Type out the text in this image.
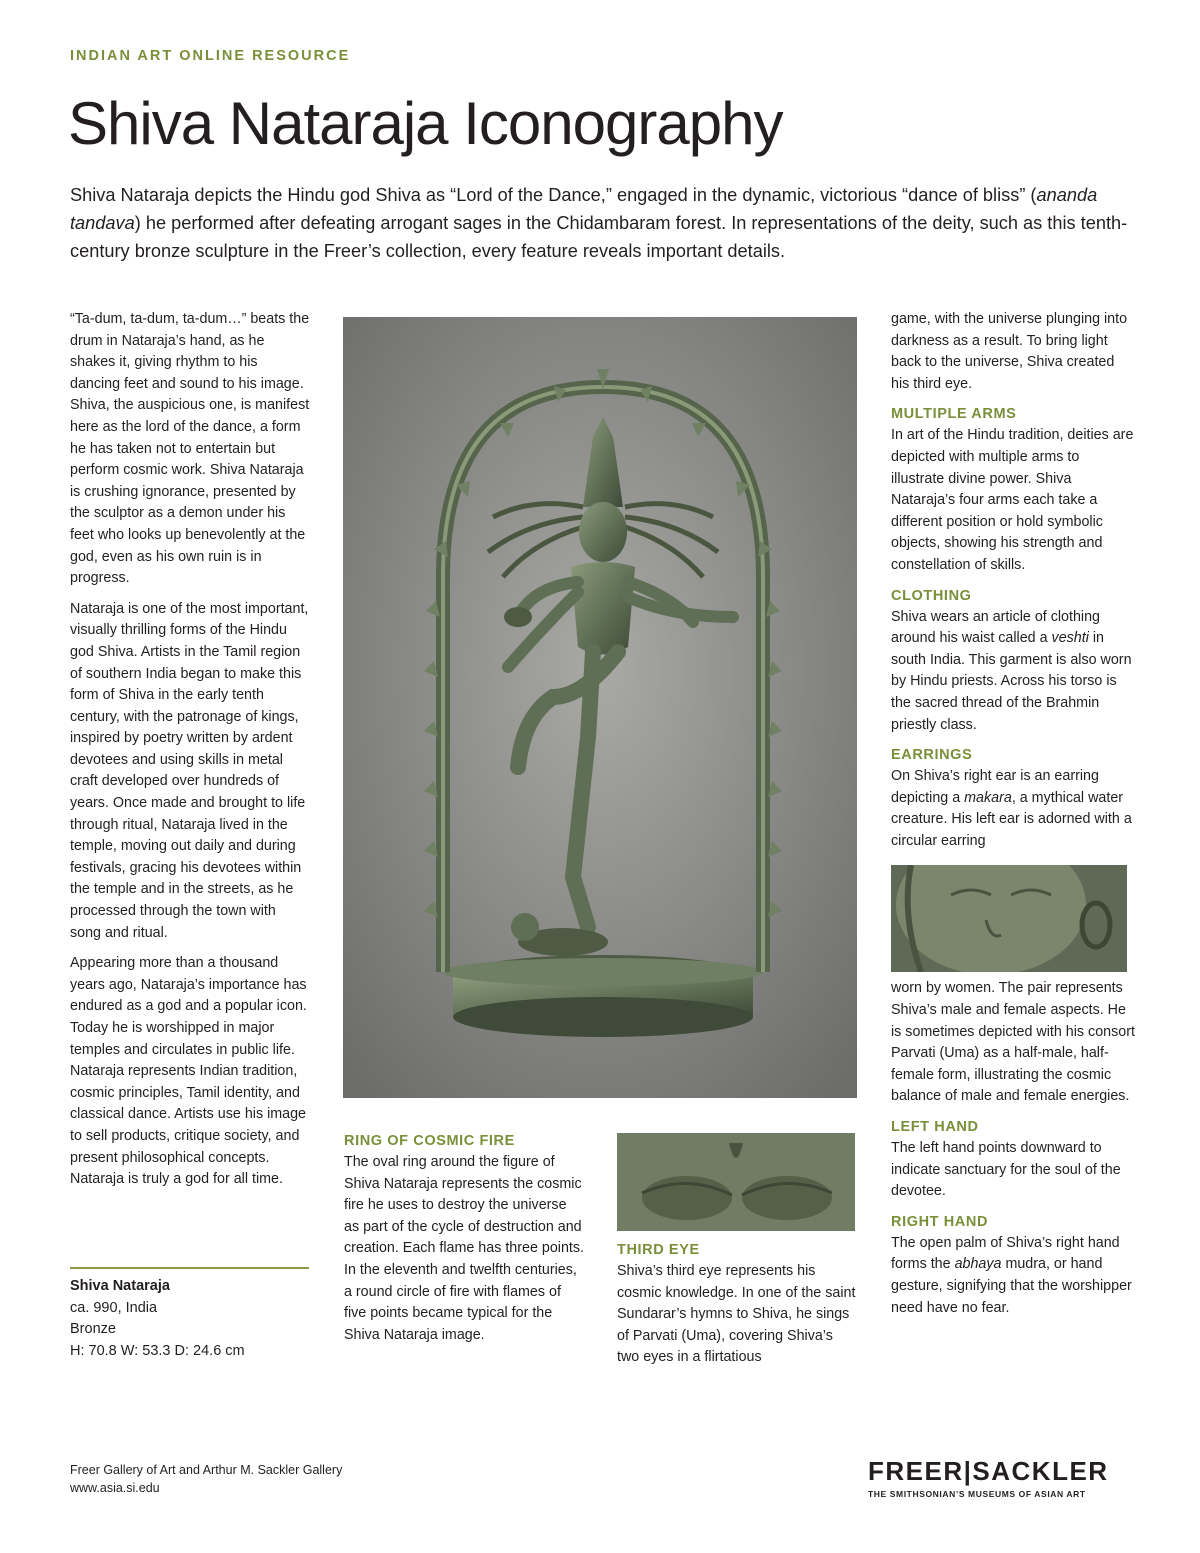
INDIAN ART ONLINE RESOURCE
Shiva Nataraja Iconography

Shiva Nataraja depicts the Hindu god Shiva as “Lord of the Dance,” engaged in the dynamic, victorious “dance of bliss” (ananda tandava) he performed after defeating arrogant sages in the Chidambaram forest. In representations of the deity, such as this tenth-century bronze sculpture in the Freer’s collection, every feature reveals important details.

“Ta-dum, ta-dum, ta-dum…” beats the drum in Nataraja’s hand, as he shakes it, giving rhythm to his dancing feet and sound to his image. Shiva, the auspicious one, is manifest here as the lord of the dance, a form he has taken not to entertain but perform cosmic work. Shiva Nataraja is crushing ignorance, presented by the sculptor as a demon under his feet who looks up benevolently at the god, even as his own ruin is in progress.

Nataraja is one of the most important, visually thrilling forms of the Hindu god Shiva. Artists in the Tamil region of southern India began to make this form of Shiva in the early tenth century, with the patronage of kings, inspired by poetry written by ardent devotees and using skills in metal craft developed over hundreds of years. Once made and brought to life through ritual, Nataraja lived in the temple, moving out daily and during festivals, gracing his devotees within the temple and in the streets, as he processed through the town with song and ritual.

Appearing more than a thousand years ago, Nataraja’s importance has endured as a god and a popular icon. Today he is worshipped in major temples and circulates in public life. Nataraja represents Indian tradition, cosmic principles, Tamil identity, and classical dance. Artists use his image to sell products, critique society, and present philosophical concepts. Nataraja is truly a god for all time.

Shiva Nataraja
ca. 990, India
Bronze
H: 70.8 W: 53.3 D: 24.6 cm
RING OF COSMIC FIRE
The oval ring around the figure of Shiva Nataraja represents the cosmic fire he uses to destroy the universe as part of the cycle of destruction and creation. Each flame has three points. In the eleventh and twelfth centuries, a round circle of fire with flames of five points became typical for the Shiva Nataraja image.
THIRD EYE
Shiva’s third eye represents his cosmic knowledge. In one of the saint Sundarar’s hymns to Shiva, he sings of Parvati (Uma), covering Shiva’s two eyes in a flirtatious
game, with the universe plunging into darkness as a result. To bring light back to the universe, Shiva created his third eye.
MULTIPLE ARMS
In art of the Hindu tradition, deities are depicted with multiple arms to illustrate divine power. Shiva Nataraja’s four arms each take a different position or hold symbolic objects, showing his strength and constellation of skills.
CLOTHING
Shiva wears an article of clothing around his waist called a veshti in south India. This garment is also worn by Hindu priests. Across his torso is the sacred thread of the Brahmin priestly class.
EARRINGS
On Shiva’s right ear is an earring depicting a makara, a mythical water creature. His left ear is adorned with a circular earring
worn by women. The pair represents Shiva’s male and female aspects. He is sometimes depicted with his consort Parvati (Uma) as a half-male, half-female form, illustrating the cosmic balance of male and female energies.
LEFT HAND
The left hand points downward to indicate sanctuary for the soul of the devotee.
RIGHT HAND
The open palm of Shiva’s right hand forms the abhaya mudra, or hand gesture, signifying that the worshipper need have no fear.
Freer Gallery of Art and Arthur M. Sackler Gallery
www.asia.si.edu
FREER|SACKLER
THE SMITHSONIAN’S MUSEUMS OF ASIAN ART
